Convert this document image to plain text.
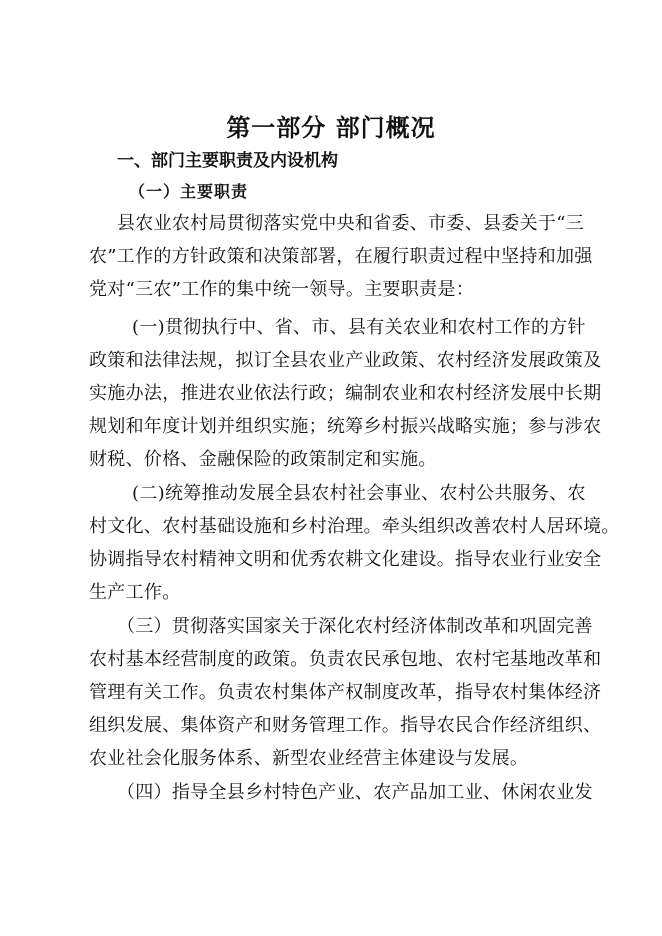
第一部分 部门概况
一、部门主要职责及内设机构
（一）主要职责
县农业农村局贯彻落实党中央和省委、市委、县委关于“三
农”工作的方针政策和决策部署，在履行职责过程中坚持和加强
党对“三农”工作的集中统一领导。主要职责是：
(一)贯彻执行中、省、市、县有关农业和农村工作的方针
政策和法律法规，拟订全县农业产业政策、农村经济发展政策及
实施办法，推进农业依法行政；编制农业和农村经济发展中长期
规划和年度计划并组织实施；统筹乡村振兴战略实施；参与涉农
财税、价格、金融保险的政策制定和实施。
(二)统筹推动发展全县农村社会事业、农村公共服务、农
村文化、农村基础设施和乡村治理。牵头组织改善农村人居环境。
协调指导农村精神文明和优秀农耕文化建设。指导农业行业安全
生产工作。
（三）贯彻落实国家关于深化农村经济体制改革和巩固完善
农村基本经营制度的政策。负责农民承包地、农村宅基地改革和
管理有关工作。负责农村集体产权制度改革，指导农村集体经济
组织发展、集体资产和财务管理工作。指导农民合作经济组织、
农业社会化服务体系、新型农业经营主体建设与发展。
（四）指导全县乡村特色产业、农产品加工业、休闲农业发
